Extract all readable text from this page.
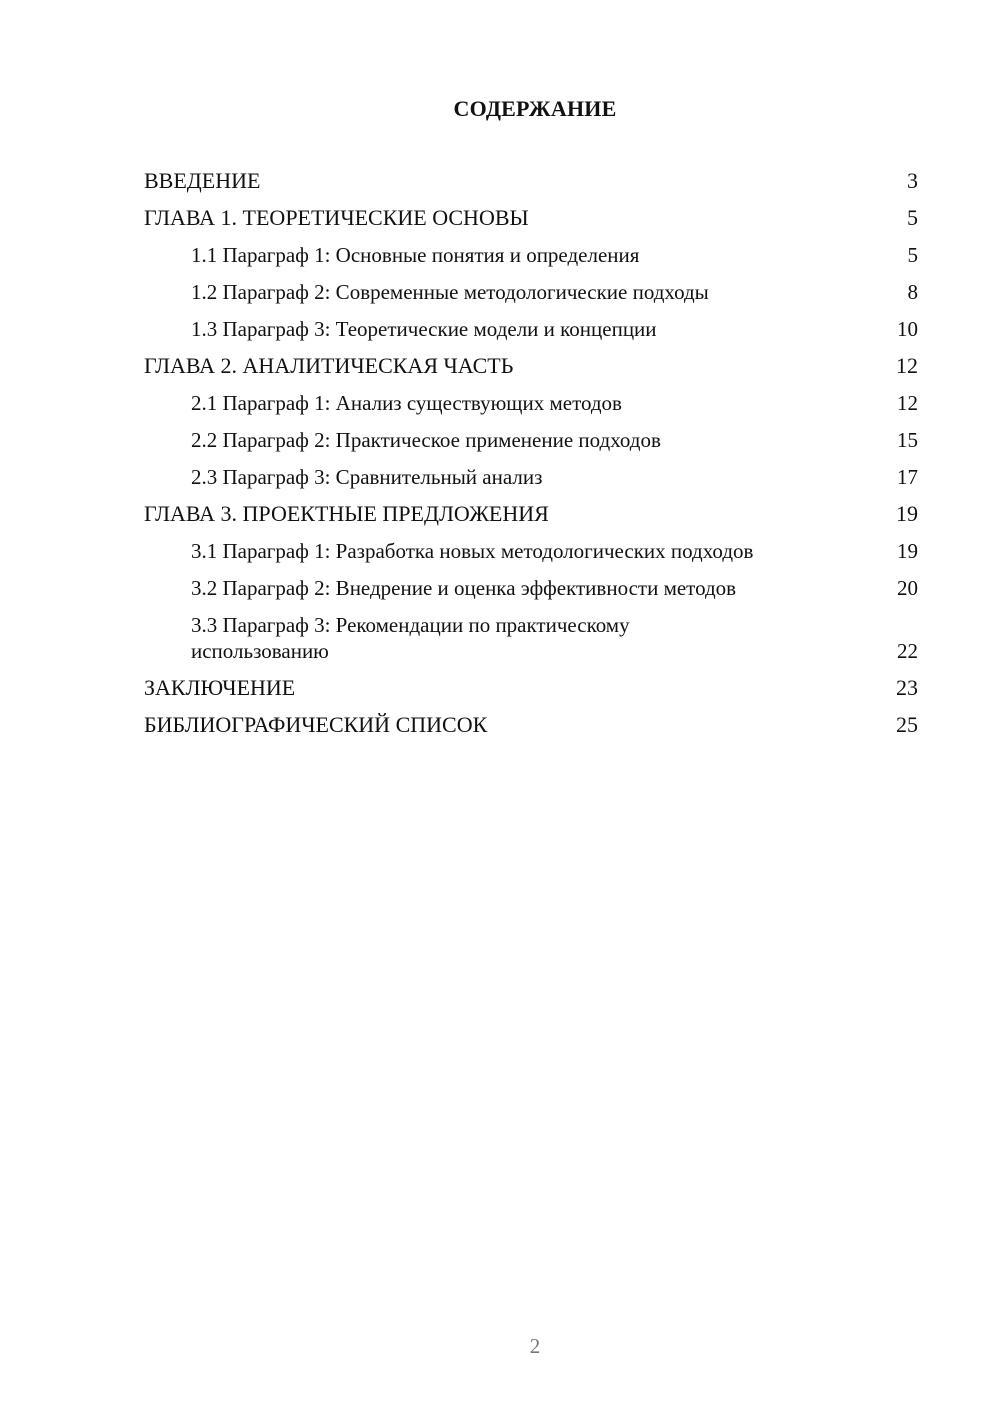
СОДЕРЖАНИЕ
ВВЕДЕНИЕ	3
ГЛАВА 1. ТЕОРЕТИЧЕСКИЕ ОСНОВЫ	5
1.1 Параграф 1: Основные понятия и определения	5
1.2 Параграф 2: Современные методологические подходы	8
1.3 Параграф 3: Теоретические модели и концепции	10
ГЛАВА 2. АНАЛИТИЧЕСКАЯ ЧАСТЬ	12
2.1 Параграф 1: Анализ существующих методов	12
2.2 Параграф 2: Практическое применение подходов	15
2.3 Параграф 3: Сравнительный анализ	17
ГЛАВА 3. ПРОЕКТНЫЕ ПРЕДЛОЖЕНИЯ	19
3.1 Параграф 1: Разработка новых методологических подходов	19
3.2 Параграф 2: Внедрение и оценка эффективности методов	20
3.3 Параграф 3: Рекомендации по практическому использованию	22
ЗАКЛЮЧЕНИЕ	23
БИБЛИОГРАФИЧЕСКИЙ СПИСОК	25
2
